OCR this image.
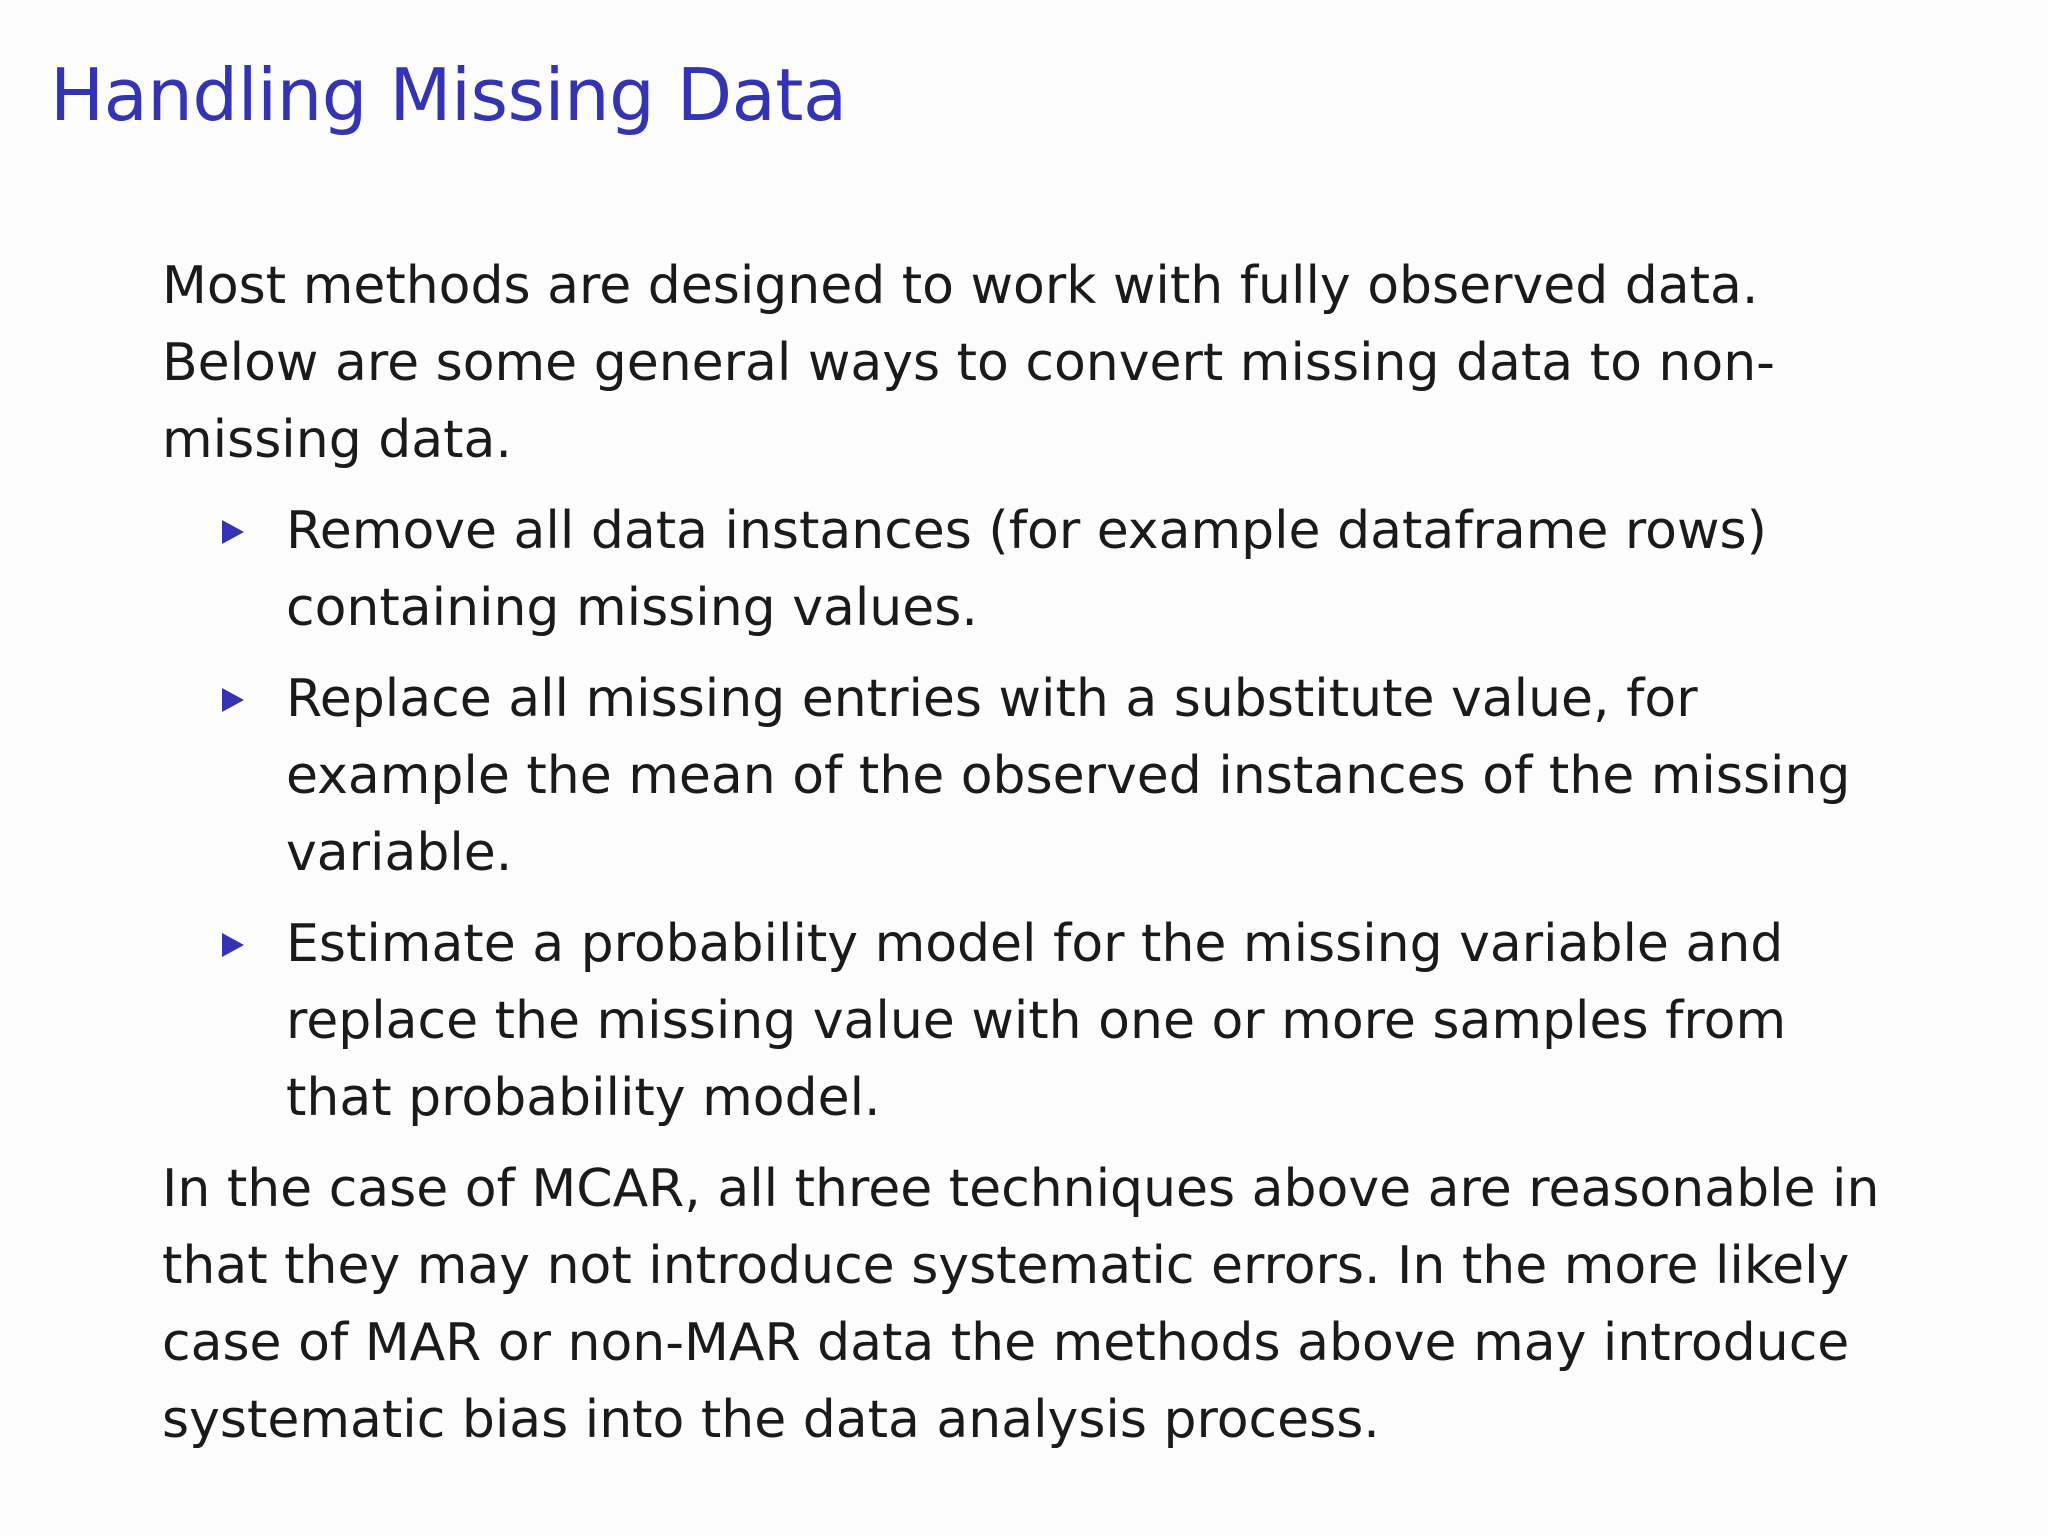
Handling Missing Data

Most methods are designed to work with fully observed data. Below are some general ways to convert missing data to non-missing data.

Remove all data instances (for example dataframe rows) containing missing values.
Replace all missing entries with a substitute value, for example the mean of the observed instances of the missing variable.
Estimate a probability model for the missing variable and replace the missing value with one or more samples from that probability model.

In the case of MCAR, all three techniques above are reasonable in that they may not introduce systematic errors. In the more likely case of MAR or non-MAR data the methods above may introduce systematic bias into the data analysis process.
